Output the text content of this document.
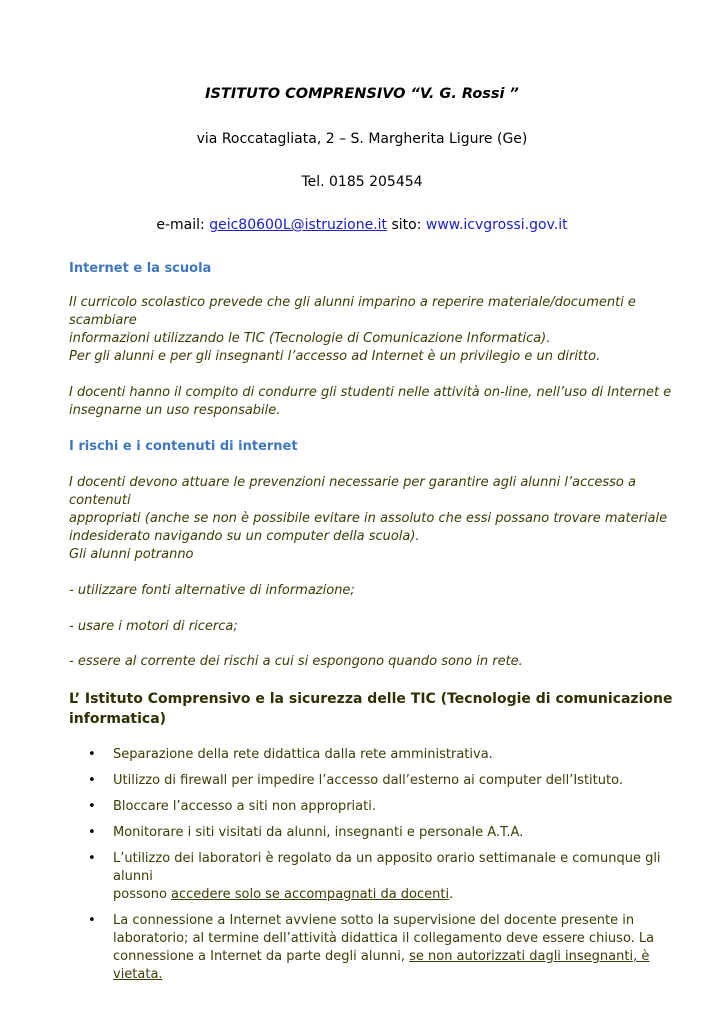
ISTITUTO COMPRENSIVO “V. G. Rossi ”
via Roccatagliata, 2 – S. Margherita Ligure (Ge)
Tel. 0185 205454
e-mail: geic80600L@istruzione.it sito: www.icvgrossi.gov.it
Internet e la scuola
Il curricolo scolastico prevede che gli alunni imparino a reperire materiale/documenti e scambiare
informazioni utilizzando le TIC (Tecnologie di Comunicazione Informatica).
Per gli alunni e per gli insegnanti l’accesso ad Internet è un privilegio e un diritto.
I docenti hanno il compito di condurre gli studenti nelle attività on-line, nell’uso di Internet e
insegnarne un uso responsabile.
I rischi e i contenuti di internet
I docenti devono attuare le prevenzioni necessarie per garantire agli alunni l’accesso a contenuti
appropriati (anche se non è possibile evitare in assoluto che essi possano trovare materiale
indesiderato navigando su un computer della scuola).
Gli alunni potranno
- utilizzare fonti alternative di informazione;
- usare i motori di ricerca;
- essere al corrente dei rischi a cui si espongono quando sono in rete.
L’ Istituto Comprensivo e la sicurezza delle TIC (Tecnologie di comunicazione
informatica)
• Separazione della rete didattica dalla rete amministrativa.
• Utilizzo di firewall per impedire l’accesso dall’esterno ai computer dell’Istituto.
• Bloccare l’accesso a siti non appropriati.
• Monitorare i siti visitati da alunni, insegnanti e personale A.T.A.
• L’utilizzo dei laboratori è regolato da un apposito orario settimanale e comunque gli alunni
possono accedere solo se accompagnati da docenti.
• La connessione a Internet avviene sotto la supervisione del docente presente in
laboratorio; al termine dell’attività didattica il collegamento deve essere chiuso. La
connessione a Internet da parte degli alunni, se non autorizzati dagli insegnanti, è vietata.
